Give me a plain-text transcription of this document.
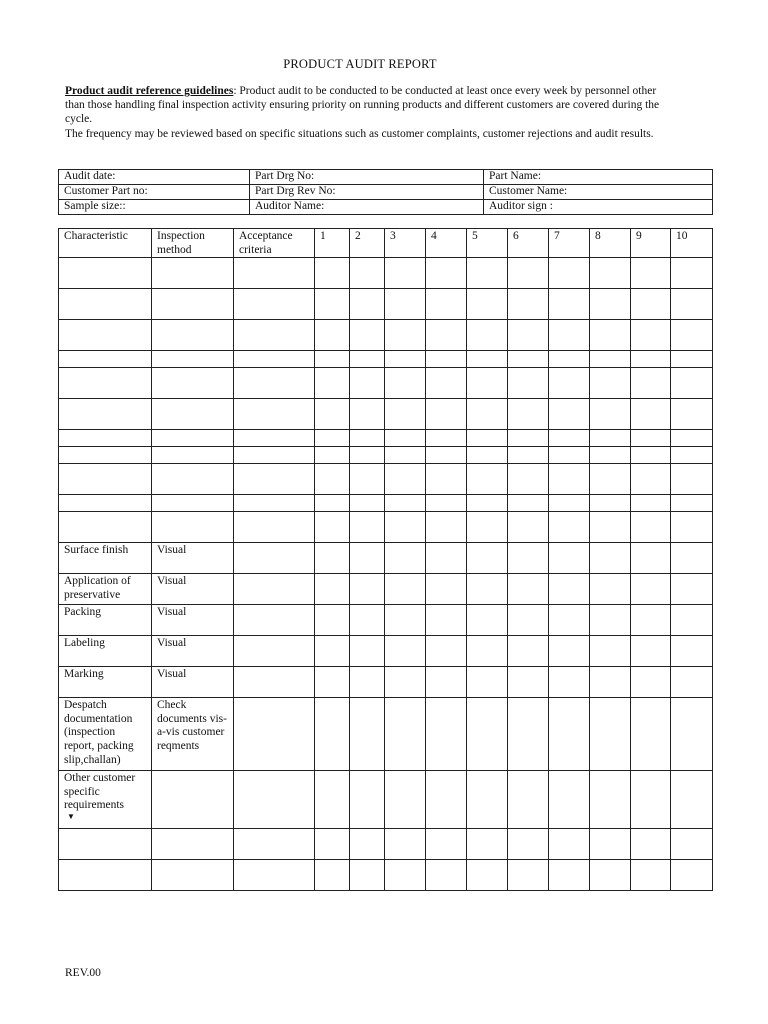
PRODUCT AUDIT REPORT
Product audit reference guidelines: Product audit to be conducted to be conducted at least once every week by personnel other than those handling final inspection activity ensuring priority on running products and different customers are covered during the cycle.
The frequency may be reviewed based on specific situations such as customer complaints, customer rejections and audit results.
Audit date:	Part Drg No:	Part Name:
Customer Part no:	Part Drg Rev No:	Customer Name:
Sample size::	Auditor Name:	Auditor sign :
Characteristic	Inspection method	Acceptance criteria	1	2	3	4	5	6	7	8	9	10

Surface finish	Visual											
Application of preservative	Visual											
Packing	Visual											
Labeling	Visual											
Marking	Visual											
Despatch documentation (inspection report, packing slip,challan)	Check documents vis-a-vis customer reqments											

Other customer specific requirements
▼												

REV.00
